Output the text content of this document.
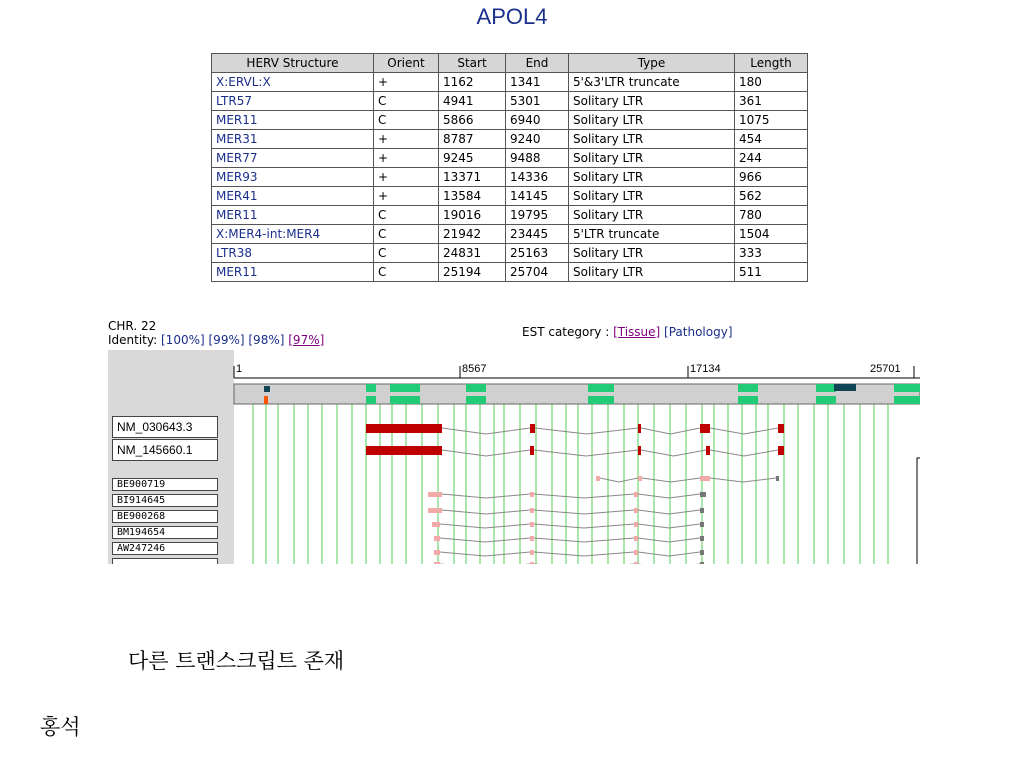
APOL4
HERV Structure	Orient	Start	End	Type	Length
X:ERVL:X	+	1162	1341	5'&3'LTR truncate	180
LTR57	C	4941	5301	Solitary LTR	361
MER11	C	5866	6940	Solitary LTR	1075
MER31	+	8787	9240	Solitary LTR	454
MER77	+	9245	9488	Solitary LTR	244
MER93	+	13371	14336	Solitary LTR	966
MER41	+	13584	14145	Solitary LTR	562
MER11	C	19016	19795	Solitary LTR	780
X:MER4-int:MER4	C	21942	23445	5'LTR truncate	1504
LTR38	C	24831	25163	Solitary LTR	333
MER11	C	25194	25704	Solitary LTR	511
CHR. 22
Identity: [100%] [99%] [98%] [97%]
EST category : [Tissue] [Pathology]
1	8567	17134	25701
NM_030643.3
NM_145660.1
BE900719
BI914645
BE900268
BM194654
AW247246
다른 트랜스크립트 존재
홍석
